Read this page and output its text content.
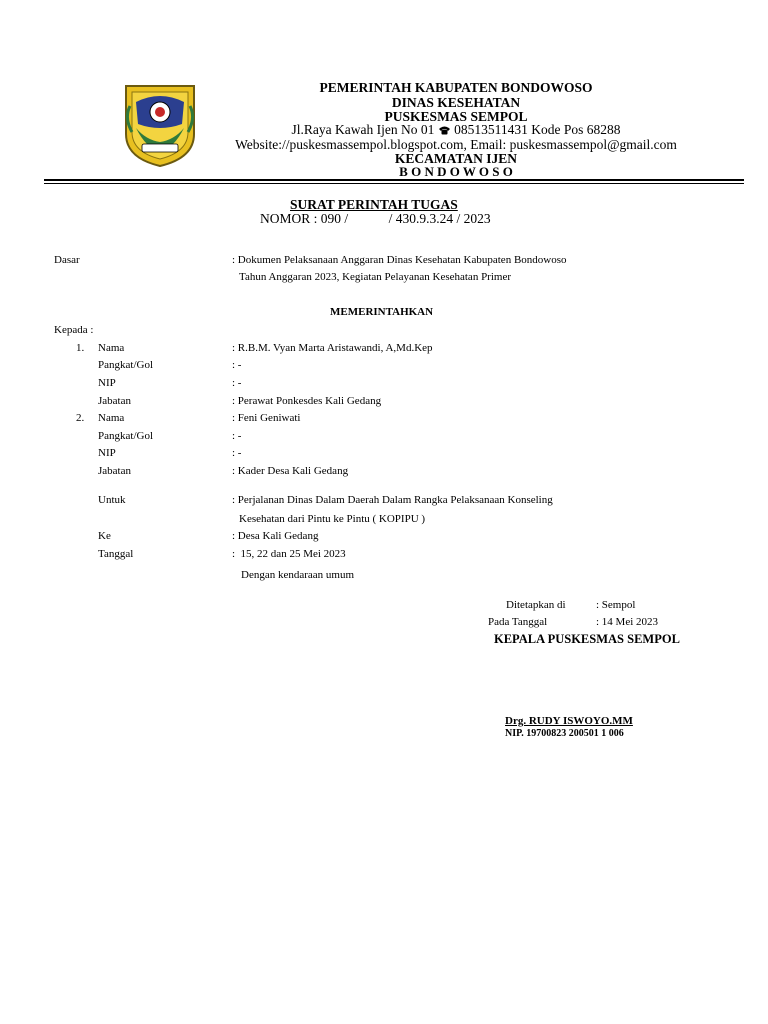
PEMERINTAH KABUPATEN BONDOWOSO
DINAS KESEHATAN
PUSKESMAS SEMPOL
Jl.Raya Kawah Ijen No 01 08513511431 Kode Pos 68288
Website://puskesmassempol.blogspot.com, Email: puskesmassempol@gmail.com
KECAMATAN IJEN
B O N D O W O S O
SURAT PERINTAH TUGAS
NOMOR : 090 /            / 430.9.3.24 / 2023
Dasar	: Dokumen Pelaksanaan Anggaran Dinas Kesehatan Kabupaten Bondowoso
Tahun Anggaran 2023, Kegiatan Pelayanan Kesehatan Primer
MEMERINTAHKAN
Kepada :
1. Nama	: R.B.M. Vyan Marta Aristawandi, A,Md.Kep
Pangkat/Gol	: -
NIP	: -
Jabatan	: Perawat Ponkesdes Kali Gedang
2. Nama	: Feni Geniwati
Pangkat/Gol	: -
NIP	: -
Jabatan	: Kader Desa Kali Gedang
Untuk	: Perjalanan Dinas Dalam Daerah Dalam Rangka Pelaksanaan Konseling
Kesehatan dari Pintu ke Pintu ( KOPIPU )
Ke	: Desa Kali Gedang
Tanggal	:  15, 22 dan 25 Mei 2023
Dengan kendaraan umum
Ditetapkan di	: Sempol
Pada Tanggal	: 14 Mei 2023
KEPALA PUSKESMAS SEMPOL
Drg. RUDY ISWOYO.MM
NIP. 19700823 200501 1 006
